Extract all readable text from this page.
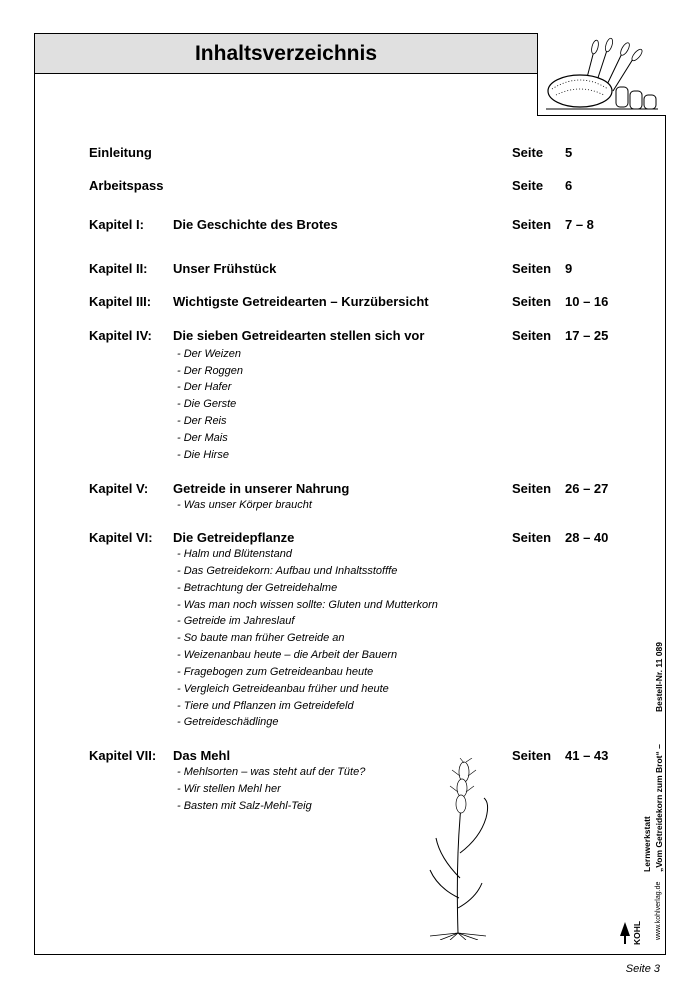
Inhaltsverzeichnis
Einleitung	Seite 5
Arbeitspass	Seite 6
Kapitel I: Die Geschichte des Brotes	Seiten 7 – 8
Kapitel II: Unser Frühstück	Seiten 9
Kapitel III: Wichtigste Getreidearten – Kurzübersicht	Seiten 10 – 16
Kapitel IV: Die sieben Getreidearten stellen sich vor	Seiten 17 – 25
- Der Weizen
- Der Roggen
- Der Hafer
- Die Gerste
- Der Reis
- Der Mais
- Die Hirse
Kapitel V: Getreide in unserer Nahrung	Seiten 26 – 27
- Was unser Körper braucht
Kapitel VI: Die Getreidepflanze	Seiten 28 – 40
- Halm und Blütenstand
- Das Getreidekorn: Aufbau und Inhaltsstofffe
- Betrachtung der Getreidehalme
- Was man noch wissen sollte: Gluten und Mutterkorn
- Getreide im Jahreslauf
- So baute man früher Getreide an
- Weizenanbau heute – die Arbeit der Bauern
- Fragebogen zum Getreideanbau heute
- Vergleich Getreideanbau früher und heute
- Tiere und Pflanzen im Getreidefeld
- Getreideschädlinge
Kapitel VII: Das Mehl	Seiten 41 – 43
- Mehlsorten – was steht auf der Tüte?
- Wir stellen Mehl her
- Basten mit Salz-Mehl-Teig
Bestell-Nr. 11 089
„Vom Getreidekorn zum Brot“ –
Lernwerkstatt
www.kohlverlag.de
KOHL
Seite 3
